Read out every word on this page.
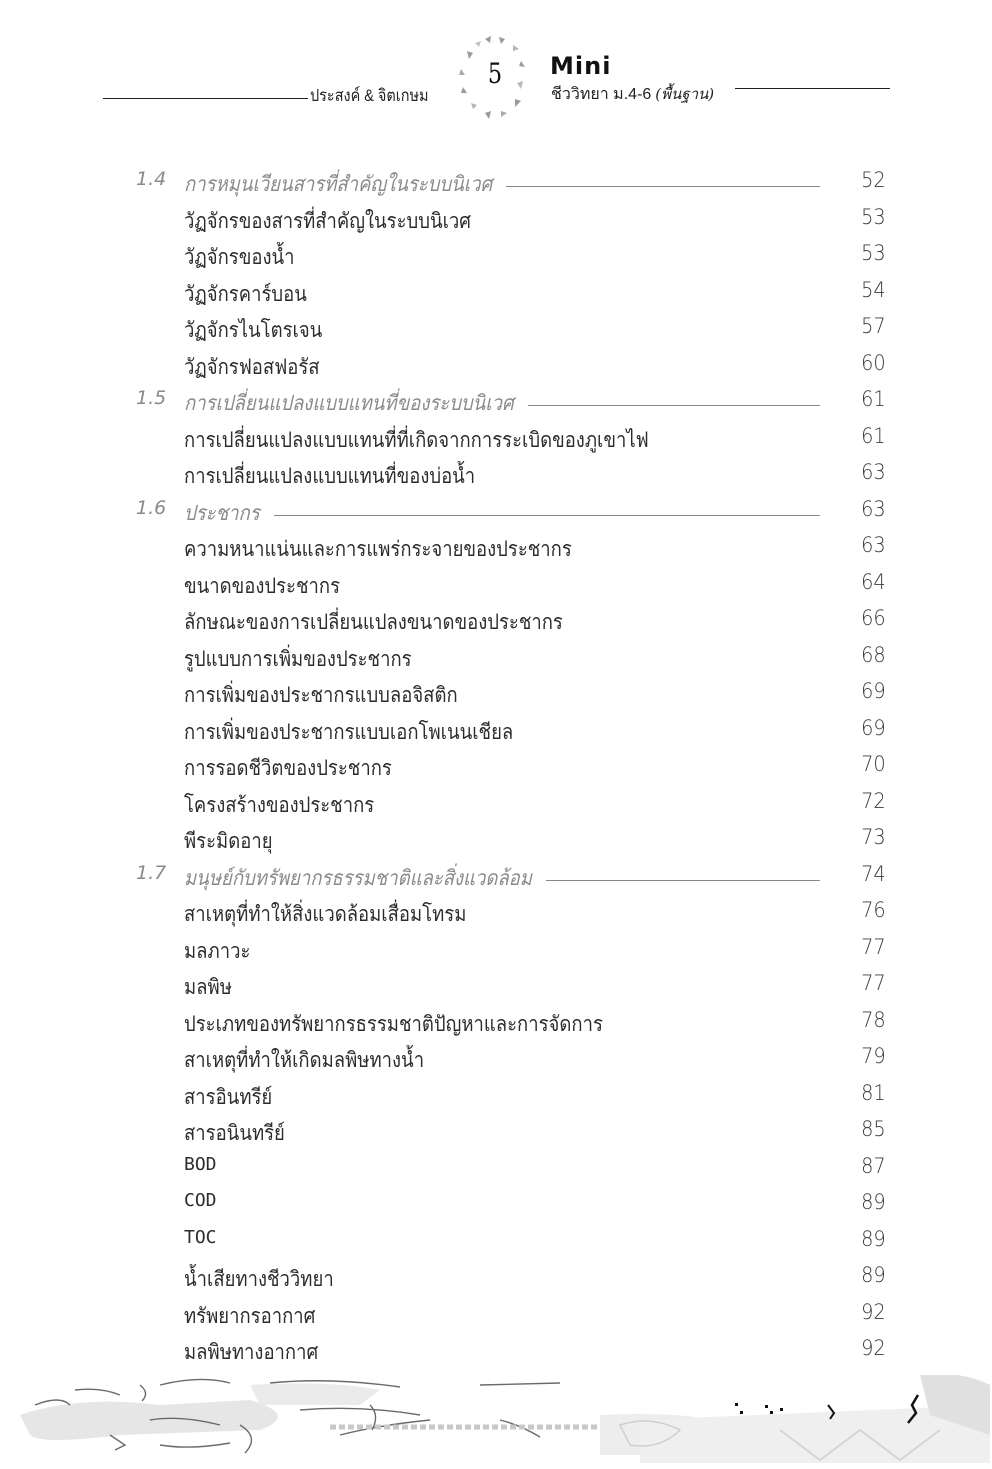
ประสงค์ & จิตเกษม
5	Mini
ชีววิทยา ม.4-6 (พื้นฐาน)
1.4 การหมุนเวียนสารที่สำคัญในระบบนิเวศ	52
วัฏจักรของสารที่สำคัญในระบบนิเวศ	53
วัฏจักรของน้ำ	53
วัฏจักรคาร์บอน	54
วัฏจักรไนโตรเจน	57
วัฏจักรฟอสฟอรัส	60
1.5 การเปลี่ยนแปลงแบบแทนที่ของระบบนิเวศ	61
การเปลี่ยนแปลงแบบแทนที่ที่เกิดจากการระเบิดของภูเขาไฟ	61
การเปลี่ยนแปลงแบบแทนที่ของบ่อน้ำ	63
1.6 ประชากร	63
ความหนาแน่นและการแพร่กระจายของประชากร	63
ขนาดของประชากร	64
ลักษณะของการเปลี่ยนแปลงขนาดของประชากร	66
รูปแบบการเพิ่มของประชากร	68
การเพิ่มของประชากรแบบลอจิสติก	69
การเพิ่มของประชากรแบบเอกโพเนนเชียล	69
การรอดชีวิตของประชากร	70
โครงสร้างของประชากร	72
พีระมิดอายุ	73
1.7 มนุษย์กับทรัพยากรธรรมชาติและสิ่งแวดล้อม	74
สาเหตุที่ทำให้สิ่งแวดล้อมเสื่อมโทรม	76
มลภาวะ	77
มลพิษ	77
ประเภทของทรัพยากรธรรมชาติปัญหาและการจัดการ	78
สาเหตุที่ทำให้เกิดมลพิษทางน้ำ	79
สารอินทรีย์	81
สารอนินทรีย์	85
BOD	87
COD	89
TOC	89
น้ำเสียทางชีววิทยา	89
ทรัพยากรอากาศ	92
มลพิษทางอากาศ	92
